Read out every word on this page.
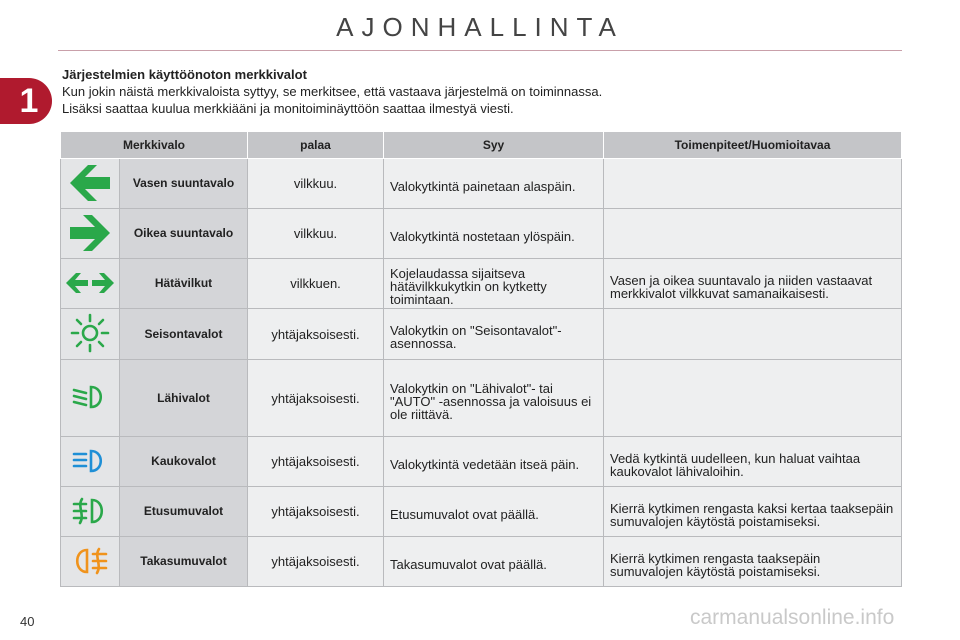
AJONHALLINTA
1
Järjestelmien käyttöönoton merkkivalot
Kun jokin näistä merkkivaloista syttyy, se merkitsee, että vastaava järjestelmä on toiminnassa.
Lisäksi saattaa kuulua merkkiääni ja monitoiminäyttöön saattaa ilmestyä viesti.
Merkkivalo		palaa	Syy	Toimenpiteet/Huomioitavaa
	Vasen suuntavalo	vilkkuu.	Valokytkintä painetaan alaspäin.	
	Oikea suuntavalo	vilkkuu.	Valokytkintä nostetaan ylöspäin.	
	Hätävilkut	vilkkuen.	Kojelaudassa sijaitseva hätävilkkukytkin on kytketty toimintaan.	Vasen ja oikea suuntavalo ja niiden vastaavat merkkivalot vilkkuvat samanaikaisesti.
	Seisontavalot	yhtäjaksoisesti.	Valokytkin on "Seisontavalot"-asennossa.	
	Lähivalot	yhtäjaksoisesti.	Valokytkin on "Lähivalot"- tai "AUTO" -asennossa ja valoisuus ei ole riittävä.	
	Kaukovalot	yhtäjaksoisesti.	Valokytkintä vedetään itseä päin.	Vedä kytkintä uudelleen, kun haluat vaihtaa kaukovalot lähivaloihin.
	Etusumuvalot	yhtäjaksoisesti.	Etusumuvalot ovat päällä.	Kierrä kytkimen rengasta kaksi kertaa taaksepäin sumuvalojen käytöstä poistamiseksi.
	Takasumuvalot	yhtäjaksoisesti.	Takasumuvalot ovat päällä.	Kierrä kytkimen rengasta taaksepäin sumuvalojen käytöstä poistamiseksi.
40	carmanualsonline.info
